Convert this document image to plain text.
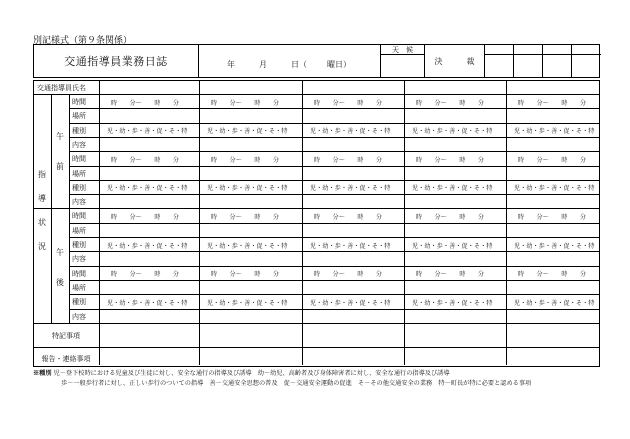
別記様式（第９条関係）
交通指導員業務日誌	年	月	日（	曜日）
天　候
決　裁
交通指導員氏名
指
導
状
況
午
前
午
後
特記事項
報告・連絡事項
時間	時　　分～　　時　　分	時　　分～　　時　　分	時　　分～　　時　　分	時　　分～　　時　　分	時　　分～　　時　　分
場所
種別	児・幼・歩・善・促・そ・特	児・幼・歩・善・促・そ・特	児・幼・歩・善・促・そ・特	児・幼・歩・善・促・そ・特	児・幼・歩・善・促・そ・特
内容
時間	時　　分～　　時　　分	時　　分～　　時　　分	時　　分～　　時　　分	時　　分～　　時　　分	時　　分～　　時　　分
場所
種別	児・幼・歩・善・促・そ・特	児・幼・歩・善・促・そ・特	児・幼・歩・善・促・そ・特	児・幼・歩・善・促・そ・特	児・幼・歩・善・促・そ・特
内容
時間	時　　分～　　時　　分	時　　分～　　時　　分	時　　分～　　時　　分	時　　分～　　時　　分	時　　分～　　時　　分
場所
種別	児・幼・歩・善・促・そ・特	児・幼・歩・善・促・そ・特	児・幼・歩・善・促・そ・特	児・幼・歩・善・促・そ・特	児・幼・歩・善・促・そ・特
内容
時間	時　　分～　　時　　分	時　　分～　　時　　分	時　　分～　　時　　分	時　　分～　　時　　分	時　　分～　　時　　分
場所
種別	児・幼・歩・善・促・そ・特	児・幼・歩・善・促・そ・特	児・幼・歩・善・促・そ・特	児・幼・歩・善・促・そ・特	児・幼・歩・善・促・そ・特
内容
※種別 児－登下校時における児童及び生徒に対し、安全な通行の指導及び誘導　幼－幼児、高齢者及び身体障害者に対し、安全な通行の指導及び誘導
歩－一般歩行者に対し、正しい歩行のついての指導　善－交通安全思想の普及　促－交通安全運動の促進　そ－その他交通安全の業務　特－町長が特に必要と認める事項
